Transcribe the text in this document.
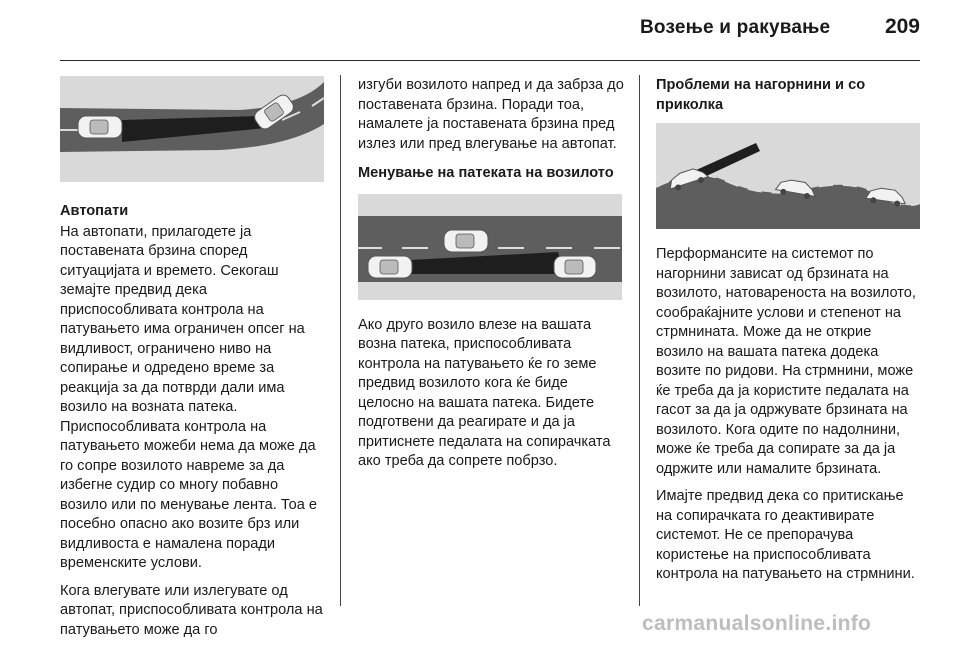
Возење и ракување	209
Автопати

На автопати, прилагодете ја поставената брзина според ситуацијата и времето. Секогаш земајте предвид дека приспособливата контрола на патувањето има ограничен опсег на видливост, ограничено ниво на сопирање и одредено време за реакција за да потврди дали има возило на возната патека. Приспособливата контрола на патувањето можеби нема да може да го сопре возилото навреме за да избегне судир со многу побавно возило или по менување лента. Тоа е посебно опасно ако возите брз или видливоста е намалена поради временските услови.

Кога влегувате или излегувате од автопат, приспособливата контрола на патувањето може да го

изгуби возилото напред и да забрза до поставената брзина. Поради тоа, намалете ја поставената брзина пред излез или пред влегување на автопат.

Менување на патеката на возилото

Ако друго возило влезе на вашата возна патека, приспособливата контрола на патувањето ќе го земе предвид возилото кога ќе биде целосно на вашата патека. Бидете подготвени да реагирате и да ја притиснете педалата на сопирачката ако треба да сопрете побрзо.

Проблеми на нагорнини и со приколка

Перформансите на системот по нагорнини зависат од брзината на возилото, натовареноста на возилото, сообраќајните услови и степенот на стрмнината. Може да не открие возило на вашата патека додека возите по ридови. На стрмнини, може ќе треба да ја користите педалата на гасот за да ја одржувате брзината на возилото. Кога одите по надолнини, може ќе треба да сопирате за да ја одржите или намалите брзината.

Имајте предвид дека со притискање на сопирачката го деактивирате системот. Не се препорачува користење на приспособливата контрола на патувањето на стрмнини.

carmanualsonline.info
